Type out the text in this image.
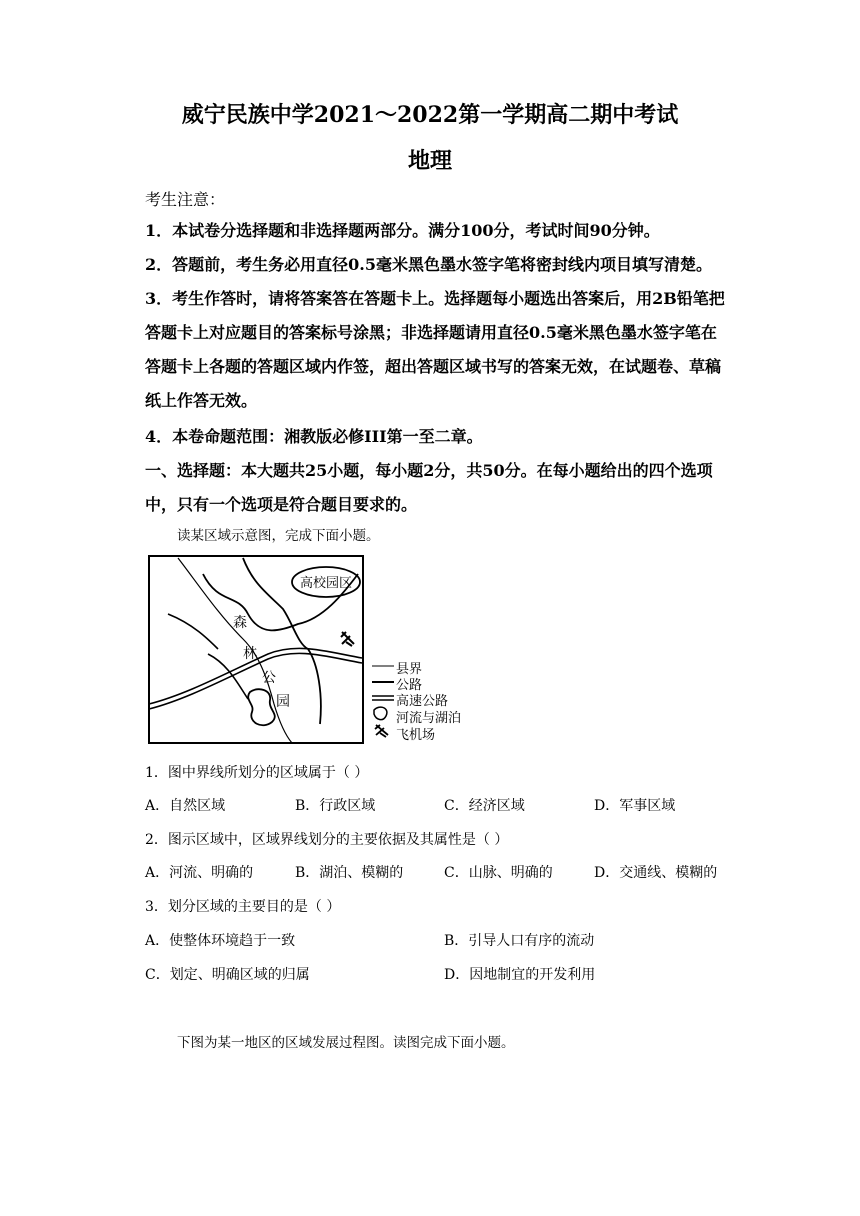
威宁民族中学2021～2022第一学期高二期中考试
地理
考生注意：
1．本试卷分选择题和非选择题两部分。满分100分，考试时间90分钟。
2．答题前，考生务必用直径0.5毫米黑色墨水签字笔将密封线内项目填写清楚。
3．考生作答时，请将答案答在答题卡上。选择题每小题选出答案后，用2B铅笔把
答题卡上对应题目的答案标号涂黑；非选择题请用直径0.5毫米黑色墨水签字笔在
答题卡上各题的答题区域内作签，超出答题区域书写的答案无效，在试题卷、草稿
纸上作答无效。
4．本卷命题范围：湘教版必修III第一至二章。
一、选择题：本大题共25小题，每小题2分，共50分。在每小题给出的四个选项
中，只有一个选项是符合题目要求的。
读某区域示意图，完成下面小题。
高校园区
森
林
公
园
县界
公路
高速公路
河流与湖泊
飞机场
1．图中界线所划分的区域属于（ ）
A．自然区域	B．行政区域	C．经济区域	D．军事区域
2．图示区域中，区域界线划分的主要依据及其属性是（ ）
A．河流、明确的	B．湖泊、模糊的	C．山脉、明确的	D．交通线、模糊的
3．划分区域的主要目的是（ ）
A．使整体环境趋于一致	B．引导人口有序的流动
C．划定、明确区域的归属	D．因地制宜的开发利用
下图为某一地区的区域发展过程图。读图完成下面小题。
